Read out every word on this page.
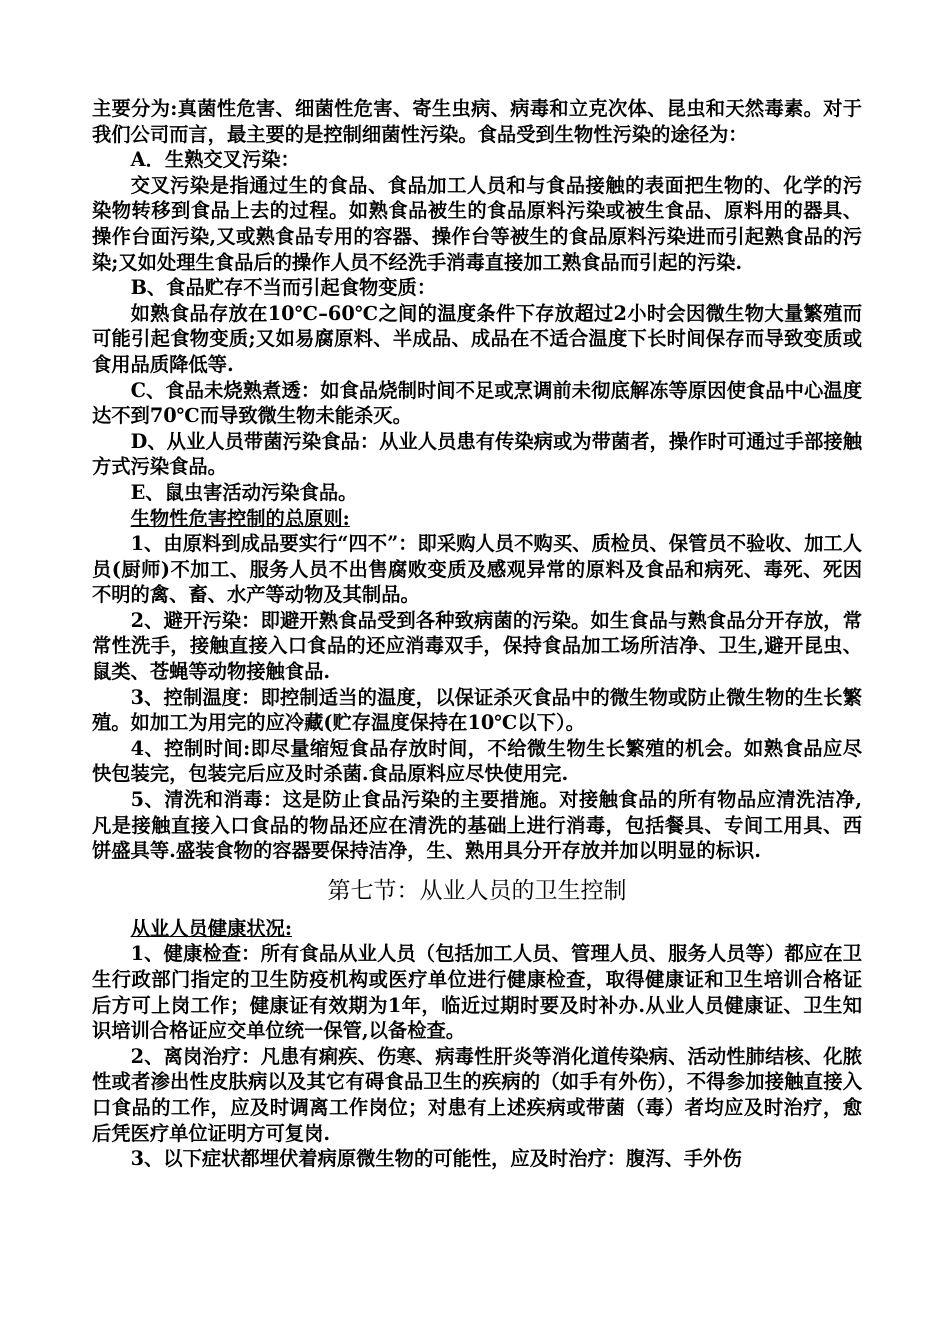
主要分为:真菌性危害、细菌性危害、寄生虫病、病毒和立克次体、昆虫和天然毒素。对于我们公司而言，最主要的是控制细菌性污染。食品受到生物性污染的途径为：

A．生熟交叉污染：

交叉污染是指通过生的食品、食品加工人员和与食品接触的表面把生物的、化学的污染物转移到食品上去的过程。如熟食品被生的食品原料污染或被生食品、原料用的器具、操作台面污染,又或熟食品专用的容器、操作台等被生的食品原料污染进而引起熟食品的污染;又如处理生食品后的操作人员不经洗手消毒直接加工熟食品而引起的污染.

B、食品贮存不当而引起食物变质：

如熟食品存放在10℃–60℃之间的温度条件下存放超过2小时会因微生物大量繁殖而可能引起食物变质;又如易腐原料、半成品、成品在不适合温度下长时间保存而导致变质或食用品质降低等.

C、食品未烧熟煮透：如食品烧制时间不足或烹调前未彻底解冻等原因使食品中心温度达不到70℃而导致微生物未能杀灭。

D、从业人员带菌污染食品：从业人员患有传染病或为带菌者，操作时可通过手部接触方式污染食品。

E、鼠虫害活动污染食品。

生物性危害控制的总原则:

1、由原料到成品要实行“四不”：即采购人员不购买、质检员、保管员不验收、加工人员(厨师)不加工、服务人员不出售腐败变质及感观异常的原料及食品和病死、毒死、死因不明的禽、畜、水产等动物及其制品。

2、避开污染：即避开熟食品受到各种致病菌的污染。如生食品与熟食品分开存放，常常性洗手，接触直接入口食品的还应消毒双手，保持食品加工场所洁净、卫生,避开昆虫、鼠类、苍蝇等动物接触食品.

3、控制温度：即控制适当的温度，以保证杀灭食品中的微生物或防止微生物的生长繁殖。如加工为用完的应冷藏(贮存温度保持在10℃以下）。

4、控制时间:即尽量缩短食品存放时间，不给微生物生长繁殖的机会。如熟食品应尽快包装完，包装完后应及时杀菌.食品原料应尽快使用完.

5、清洗和消毒：这是防止食品污染的主要措施。对接触食品的所有物品应清洗洁净,凡是接触直接入口食品的物品还应在清洗的基础上进行消毒，包括餐具、专间工用具、西饼盛具等.盛装食物的容器要保持洁净，生、熟用具分开存放并加以明显的标识.

第七节：从业人员的卫生控制

从业人员健康状况:

1、健康检查：所有食品从业人员（包括加工人员、管理人员、服务人员等）都应在卫生行政部门指定的卫生防疫机构或医疗单位进行健康检查，取得健康证和卫生培训合格证后方可上岗工作；健康证有效期为1年，临近过期时要及时补办.从业人员健康证、卫生知识培训合格证应交单位统一保管,以备检查。

2、离岗治疗：凡患有痢疾、伤寒、病毒性肝炎等消化道传染病、活动性肺结核、化脓性或者渗出性皮肤病以及其它有碍食品卫生的疾病的（如手有外伤），不得参加接触直接入口食品的工作，应及时调离工作岗位；对患有上述疾病或带菌（毒）者均应及时治疗，愈后凭医疗单位证明方可复岗.

3、以下症状都埋伏着病原微生物的可能性，应及时治疗：腹泻、手外伤
